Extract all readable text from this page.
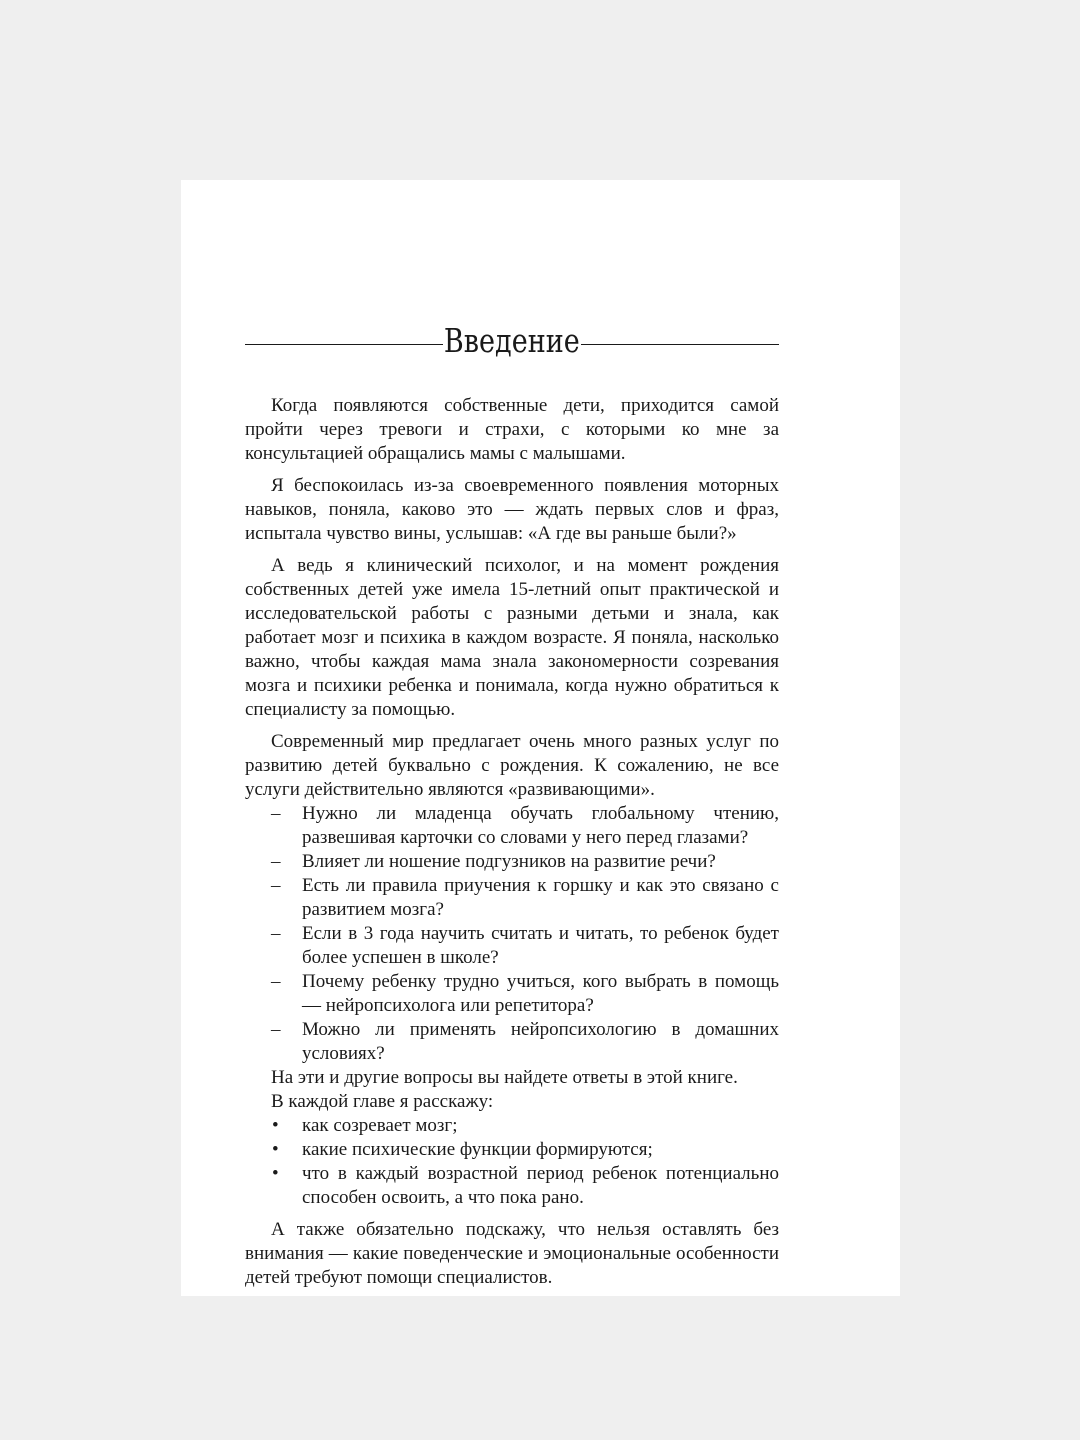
Введение

Когда появляются собственные дети, приходится самой пройти через тревоги и страхи, с которыми ко мне за консультацией обращались мамы с малышами.

Я беспокоилась из-за своевременного появления моторных навыков, поняла, каково это — ждать первых слов и фраз, испытала чувство вины, услышав: «А где вы раньше были?»

А ведь я клинический психолог, и на момент рождения собственных детей уже имела 15-летний опыт практической и исследовательской работы с разными детьми и знала, как работает мозг и психика в каждом возрасте. Я поняла, насколько важно, чтобы каждая мама знала закономерности созревания мозга и психики ребенка и понимала, когда нужно обратиться к специалисту за помощью.

Современный мир предлагает очень много разных услуг по развитию детей буквально с рождения. К сожалению, не все услуги действительно являются «развивающими».

– Нужно ли младенца обучать глобальному чтению, развешивая карточки со словами у него перед глазами?
– Влияет ли ношение подгузников на развитие речи?
– Есть ли правила приучения к горшку и как это связано с развитием мозга?
– Если в 3 года научить считать и читать, то ребенок будет более успешен в школе?
– Почему ребенку трудно учиться, кого выбрать в помощь — нейропсихолога или репетитора?
– Можно ли применять нейропсихологию в домашних условиях?

На эти и другие вопросы вы найдете ответы в этой книге.

В каждой главе я расскажу:

• как созревает мозг;
• какие психические функции формируются;
• что в каждый возрастной период ребенок потенциально способен освоить, а что пока рано.

А также обязательно подскажу, что нельзя оставлять без внимания — какие поведенческие и эмоциональные особенности детей требуют помощи специалистов.
